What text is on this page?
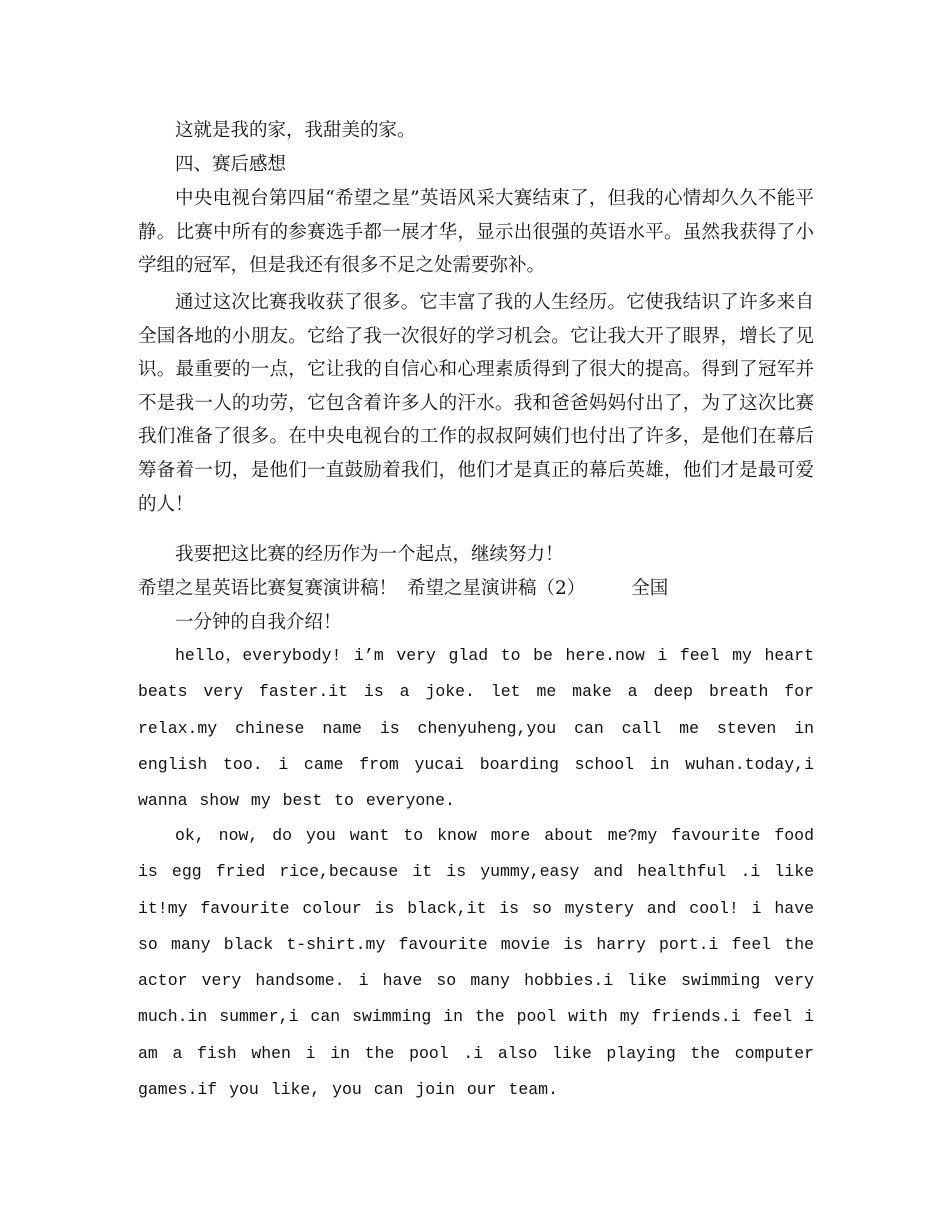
这就是我的家，我甜美的家。

四、赛后感想

中央电视台第四届“希望之星”英语风采大赛结束了，但我的心情却久久不能平静。比赛中所有的参赛选手都一展才华，显示出很强的英语水平。虽然我获得了小学组的冠军，但是我还有很多不足之处需要弥补。

通过这次比赛我收获了很多。它丰富了我的人生经历。它使我结识了许多来自全国各地的小朋友。它给了我一次很好的学习机会。它让我大开了眼界，增长了见识。最重要的一点，它让我的自信心和心理素质得到了很大的提高。得到了冠军并不是我一人的功劳，它包含着许多人的汗水。我和爸爸妈妈付出了，为了这次比赛我们准备了很多。在中央电视台的工作的叔叔阿姨们也付出了许多，是他们在幕后筹备着一切，是他们一直鼓励着我们，他们才是真正的幕后英雄，他们才是最可爱的人！

我要把这比赛的经历作为一个起点，继续努力！

希望之星英语比赛复赛演讲稿！ 希望之星演讲稿（2） 全国

一分钟的自我介绍！

hello，everybody! i’m very glad to be here.now i feel my heart beats very faster.it is a joke. let me make a deep breath for relax.my chinese name is chenyuheng,you can call me steven in english too. i came from yucai boarding school in wuhan.today,i wanna show my best to everyone.

ok, now, do you want to know more about me?my favourite food is egg fried rice,because it is yummy,easy and healthful .i like it!my favourite colour is black,it is so mystery and cool! i have so many black t-shirt.my favourite movie is harry port.i feel the actor very handsome. i have so many hobbies.i like swimming very much.in summer,i can swimming in the pool with my friends.i feel i am a fish when i in the pool .i also like playing the computer games.if you like, you can join our team.
